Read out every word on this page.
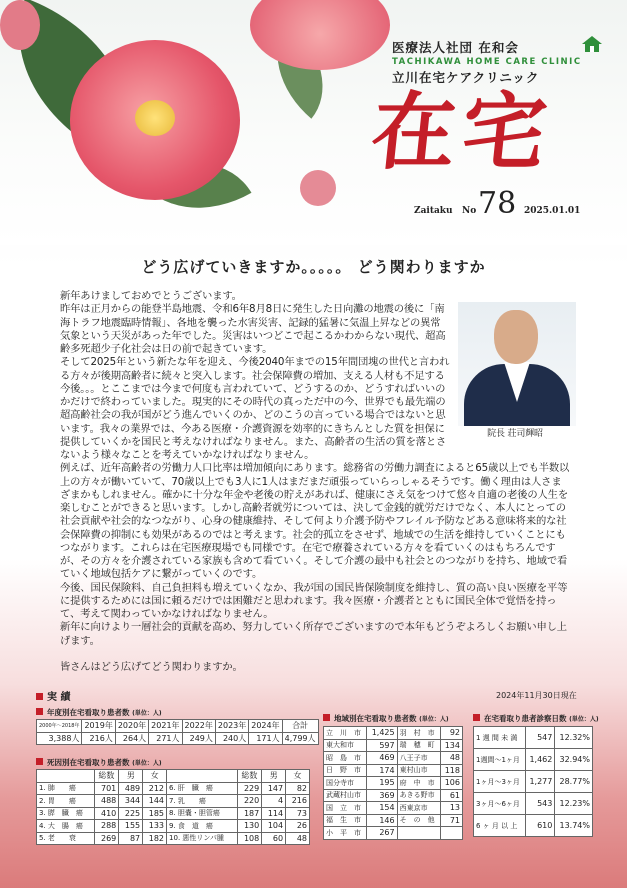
医療法人社団 在和会
TACHIKAWA HOME CARE CLINIC
立川在宅ケアクリニック
在宅
Zaitaku No 78 2025.01.01
どう広げていきますか。。。。。 どう関わりますか
院長 荘司輝昭

新年あけましておめでとうございます。

昨年は正月からの能登半島地震、令和6年8月8日に発生した日向灘の地震の後に「南海トラフ地震臨時情報」、各地を襲った水害災害、記録的猛暑に気温上昇などの異常気象という天災があった年でした。災害はいつどこで起こるかわからない現代、超高齢多死超少子化社会は日の前で起きています。

そして2025年という新たな年を迎え、今後2040年までの15年間団塊の世代と言われる方々が後期高齢者に続々と突入します。社会保障費の増加、支える人材も不足する今後。。。とここまでは今まで何度も言われていて、どうするのか、どうすればいいのかだけで終わっていました。現実的にその時代の真っただ中の今、世界でも最先端の超高齢社会の我が国がどう進んでいくのか、どのこうの言っている場合ではないと思います。我々の業界では、今ある医療・介護資源を効率的にきちんとした質を担保に提供していくかを国民と考えなければなりません。また、高齢者の生活の質を落とさないよう様々なことを考えていかなければなりません。

例えば、近年高齢者の労働力人口比率は増加傾向にあります。総務省の労働力調査によると65歳以上でも半数以上の方々が働いていて、70歳以上でも3人に1人はまだまだ頑張っていらっしゃるそうです。働く理由は人さまざまかもしれません。確かに十分な年金や老後の貯えがあれば、健康にさえ気をつけて悠々自適の老後の人生を楽しむことができると思います。しかし高齢者就労については、決して金銭的就労だけでなく、本人にとっての社会貢献や社会的なつながり、心身の健康維持、そして何より介護予防やフレイル予防などある意味将来的な社会保障費の抑制にも効果があるのではと考えます。社会的孤立をさせず、地域での生活を維持していくことにもつながります。これらは在宅医療現場でも同様です。在宅で療養されている方々を看ていくのはもちろんですが、その方々を介護されている家族も含めて看ていく。そして介護の最中も社会とのつながりを持ち、地域で看ていく地域包括ケアに繋がっていくのです。

今後、国民保険料、自己負担料も増えていくなか、我が国の国民皆保険制度を維持し、質の高い良い医療を平等に提供するためには国に頼るだけでは困難だと思われます。我々医療・介護者とともに国民全体で覚悟を持って、考えて関わっていかなければなりません。

新年に向けより一層社会的貢献を高め、努力していく所存でございますので本年もどうぞよろしくお願い申し上げます。

皆さんはどう広げてどう関わりますか。

実 績	2024年11月30日現在
年度別在宅看取り患者数 (単位：人)
2000年〜2018年	2019年	2020年	2021年	2022年	2023年	2024年	合計
3,388人	216人	264人	271人	249人	240人	171人	4,799人
死因別在宅看取り患者数 (単位：人)
	総数	男	女		総数	男	女
1. 肺　　癌	701	489	212	6. 肝　臓　癌	229	147	82
2. 胃　　癌	488	344	144	7. 乳　　癌	220	4	216
3. 膵　臓　癌	410	225	185	8. 胆嚢・胆管癌	187	114	73
4. 大　腸　癌	288	155	133	9. 食　道　癌	130	104	26
5. 老　　衰	269	87	182	10. 悪性リンパ腫	108	60	48
地域別在宅看取り患者数 (単位：人)
立　川　市	1,425	羽　村　市	92
東大和市	597	瑞　穂　町	134
昭　島　市	469	八王子市	48
日　野　市	174	東村山市	118
国分寺市	195	府　中　市	106
武蔵村山市	369	あきる野市	61
国　立　市	154	西東京市	13
福　生　市	146	そ　の　他	71
小　平　市	267		
在宅看取り患者診察日数 (単位：人)
1 週 間 未 満	547	12.32%
1週間〜1ヶ月	1,462	32.94%
1ヶ月〜3ヶ月	1,277	28.77%
3ヶ月〜6ヶ月	543	12.23%
6 ヶ 月 以 上	610	13.74%
